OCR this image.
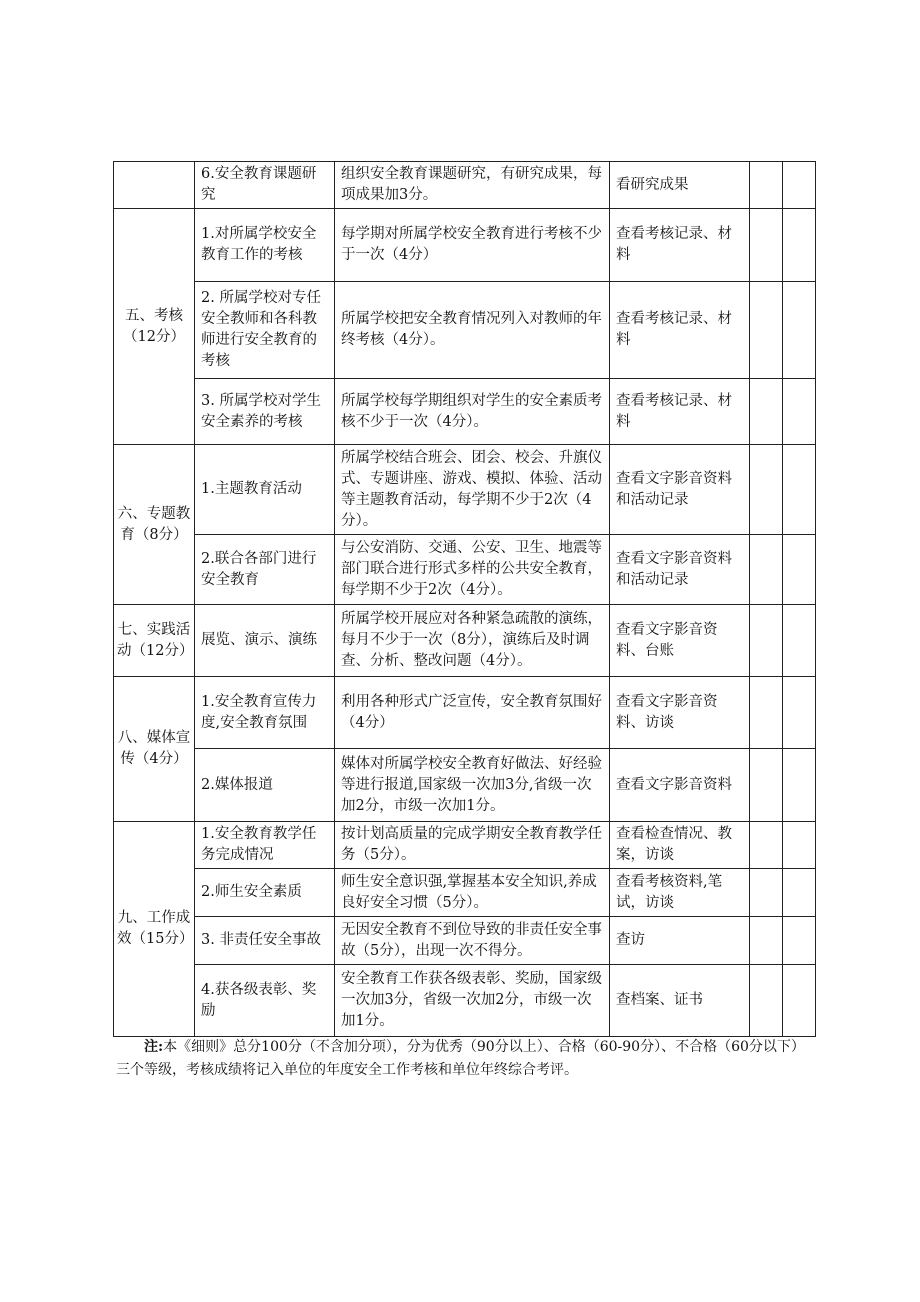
	6.安全教育课题研究	组织安全教育课题研究，有研究成果，每项成果加3分。	看研究成果		
五、考核（12分）	1.对所属学校安全教育工作的考核	每学期对所属学校安全教育进行考核不少于一次（4分）	查看考核记录、材料		
	2. 所属学校对专任安全教师和各科教师进行安全教育的考核	所属学校把安全教育情况列入对教师的年终考核（4分）。	查看考核记录、材料		
	3. 所属学校对学生安全素养的考核	所属学校每学期组织对学生的安全素质考核不少于一次（4分）。	查看考核记录、材料		
六、专题教育（8分）	1.主题教育活动	所属学校结合班会、团会、校会、升旗仪式、专题讲座、游戏、模拟、体验、活动等主题教育活动，每学期不少于2次（4分）。	查看文字影音资料和活动记录		
	2.联合各部门进行安全教育	与公安消防、交通、公安、卫生、地震等部门联合进行形式多样的公共安全教育，每学期不少于2次（4分）。	查看文字影音资料和活动记录		
七、实践活动（12分）	展览、演示、演练	所属学校开展应对各种紧急疏散的演练，每月不少于一次（8分），演练后及时调查、分析、整改问题（4分）。	查看文字影音资料、台账		
八、媒体宣传（4分）	1.安全教育宣传力度,安全教育氛围	利用各种形式广泛宣传，安全教育氛围好（4分）	查看文字影音资料、访谈		
	2.媒体报道	媒体对所属学校安全教育好做法、好经验等进行报道,国家级一次加3分,省级一次加2分，市级一次加1分。	查看文字影音资料		
九、工作成效（15分）	1.安全教育教学任务完成情况	按计划高质量的完成学期安全教育教学任务（5分）。	查看检查情况、教案，访谈		
	2.师生安全素质	师生安全意识强,掌握基本安全知识,养成良好安全习惯（5分）。	查看考核资料,笔试，访谈		
	3. 非责任安全事故	无因安全教育不到位导致的非责任安全事故（5分），出现一次不得分。	查访		
	4.获各级表彰、奖励	安全教育工作获各级表彰、奖励，国家级一次加3分，省级一次加2分，市级一次加1分。	查档案、证书		
注:本《细则》总分100分（不含加分项），分为优秀（90分以上）、合格（60-90分）、不合格（60分以下）三个等级，考核成绩将记入单位的年度安全工作考核和单位年终综合考评。
